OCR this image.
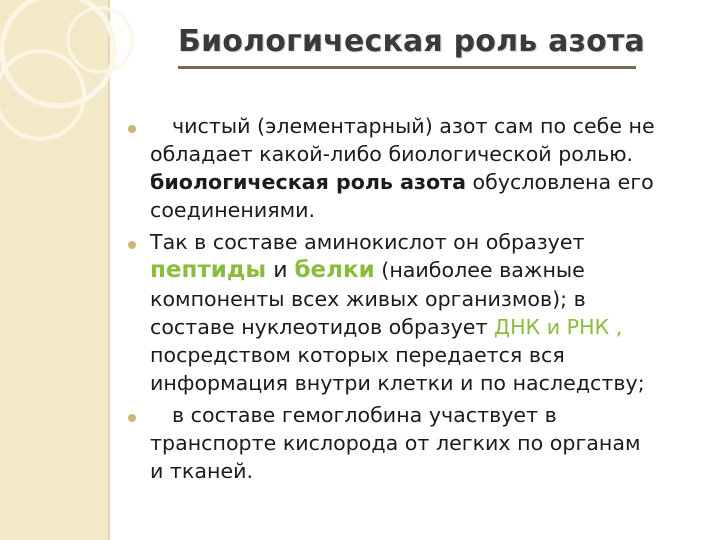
Биологическая роль азота
чистый (элементарный) азот сам по себе не
обладает какой-либо биологической ролью.
биологическая роль азота обусловлена его
соединениями.
Так в составе аминокислот он образует
пептиды и белки (наиболее важные
компоненты всех живых организмов); в
составе нуклеотидов образует ДНК и РНК ,
посредством которых передается вся
информация внутри клетки и по наследству;
в составе гемоглобина участвует в
транспорте кислорода от легких по органам
и тканей.
